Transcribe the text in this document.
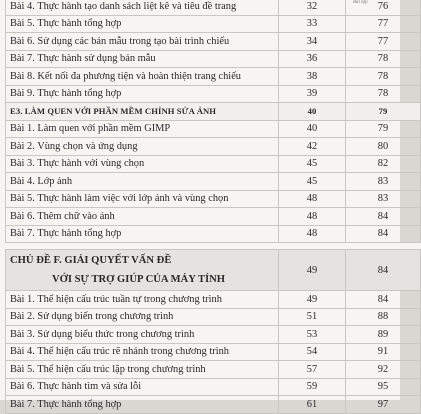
Bài tập
Bài 4. Thực hành tạo danh sách liệt kê và tiêu đề trang	32	76
Bài 5. Thực hành tổng hợp	33	77
Bài 6. Sử dụng các bản mẫu trong tạo bài trình chiếu	34	77
Bài 7. Thực hành sử dụng bản mẫu	36	78
Bài 8. Kết nối đa phương tiện và hoàn thiện trang chiếu	38	78
Bài 9. Thực hành tổng hợp	39	78
E3. LÀM QUEN VỚI PHẦN MỀM CHỈNH SỬA ẢNH	40	79
Bài 1. Làm quen với phần mềm GIMP	40	79
Bài 2. Vùng chọn và ứng dụng	42	80
Bài 3. Thực hành với vùng chọn	45	82
Bài 4. Lớp ảnh	45	83
Bài 5. Thực hành làm việc với lớp ảnh và vùng chọn	48	83
Bài 6. Thêm chữ vào ảnh	48	84
Bài 7. Thực hành tổng hợp	48	84

CHỦ ĐỀ F. GIẢI QUYẾT VẤN ĐỀ
VỚI SỰ TRỢ GIÚP CỦA MÁY TÍNH	49	84
Bài 1. Thể hiện cấu trúc tuần tự trong chương trình	49	84
Bài 2. Sử dụng biến trong chương trình	51	88
Bài 3. Sử dụng biểu thức trong chương trình	53	89
Bài 4. Thể hiện cấu trúc rẽ nhánh trong chương trình	54	91
Bài 5. Thể hiện cấu trúc lặp trong chương trình	57	92
Bài 6. Thực hành tìm và sửa lỗi	59	95
Bài 7. Thực hành tổng hợp	61	97
